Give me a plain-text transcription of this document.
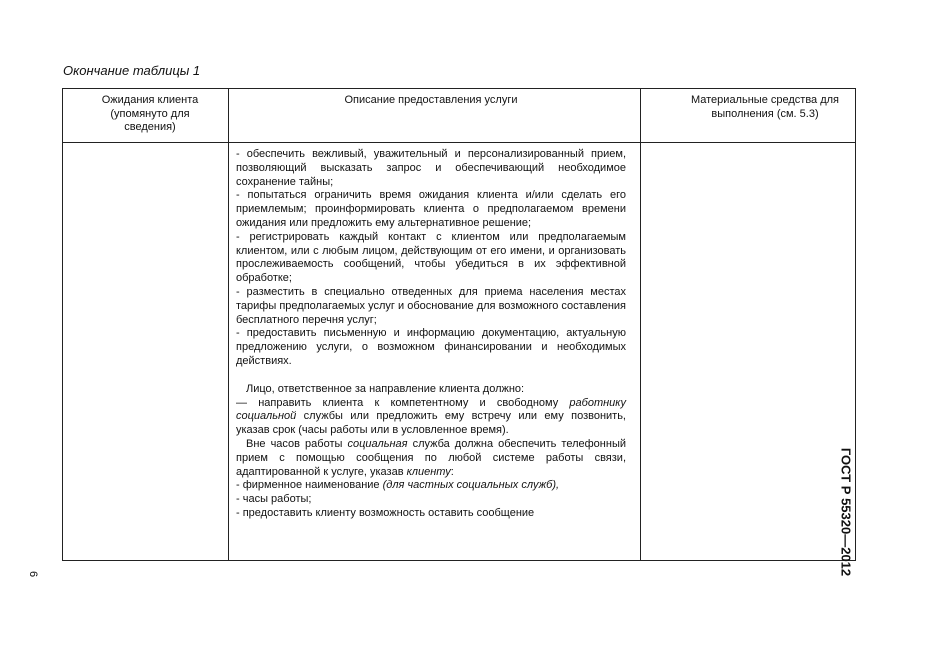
Окончание таблицы 1
Ожидания клиента (упомянуто для сведения)
Описание предоставления услуги	Материальные средства для выполнения (см. 5.3)

- обеспечить вежливый, уважительный и персонализированный прием, позволяющий высказать запрос и обеспечивающий необходимое сохранение тайны;

- попытаться ограничить время ожидания клиента и/или сделать его приемлемым; проинформировать клиента о предполагаемом времени ожидания или предложить ему альтернативное решение;

- регистрировать каждый контакт с клиентом или предполагаемым клиентом, или с любым лицом, действующим от его имени, и организовать прослеживаемость сообщений, чтобы убедиться в их эффективной обработке;

- разместить в специально отведенных для приема населения местах тарифы предполагаемых услуг и обоснование для возможного составления бесплатного перечня услуг;

- предоставить письменную и информацию документацию, актуальную предложению услуги, о возможном финансировании и необходимых действиях.

Лицо, ответственное за направление клиента должно:

— направить клиента к компетентному и свободному работнику социальной службы или предложить ему встречу или ему позвонить, указав срок (часы работы или в условленное время).

Вне часов работы социальная служба должна обеспечить телефонный прием с помощью сообщения по любой системе работы связи, адаптированной к услуге, указав клиенту:

- фирменное наименование (для частных социальных служб),

- часы работы;

- предоставить клиенту возможность оставить сообщение	ГОСТ Р 55320—2012
6
